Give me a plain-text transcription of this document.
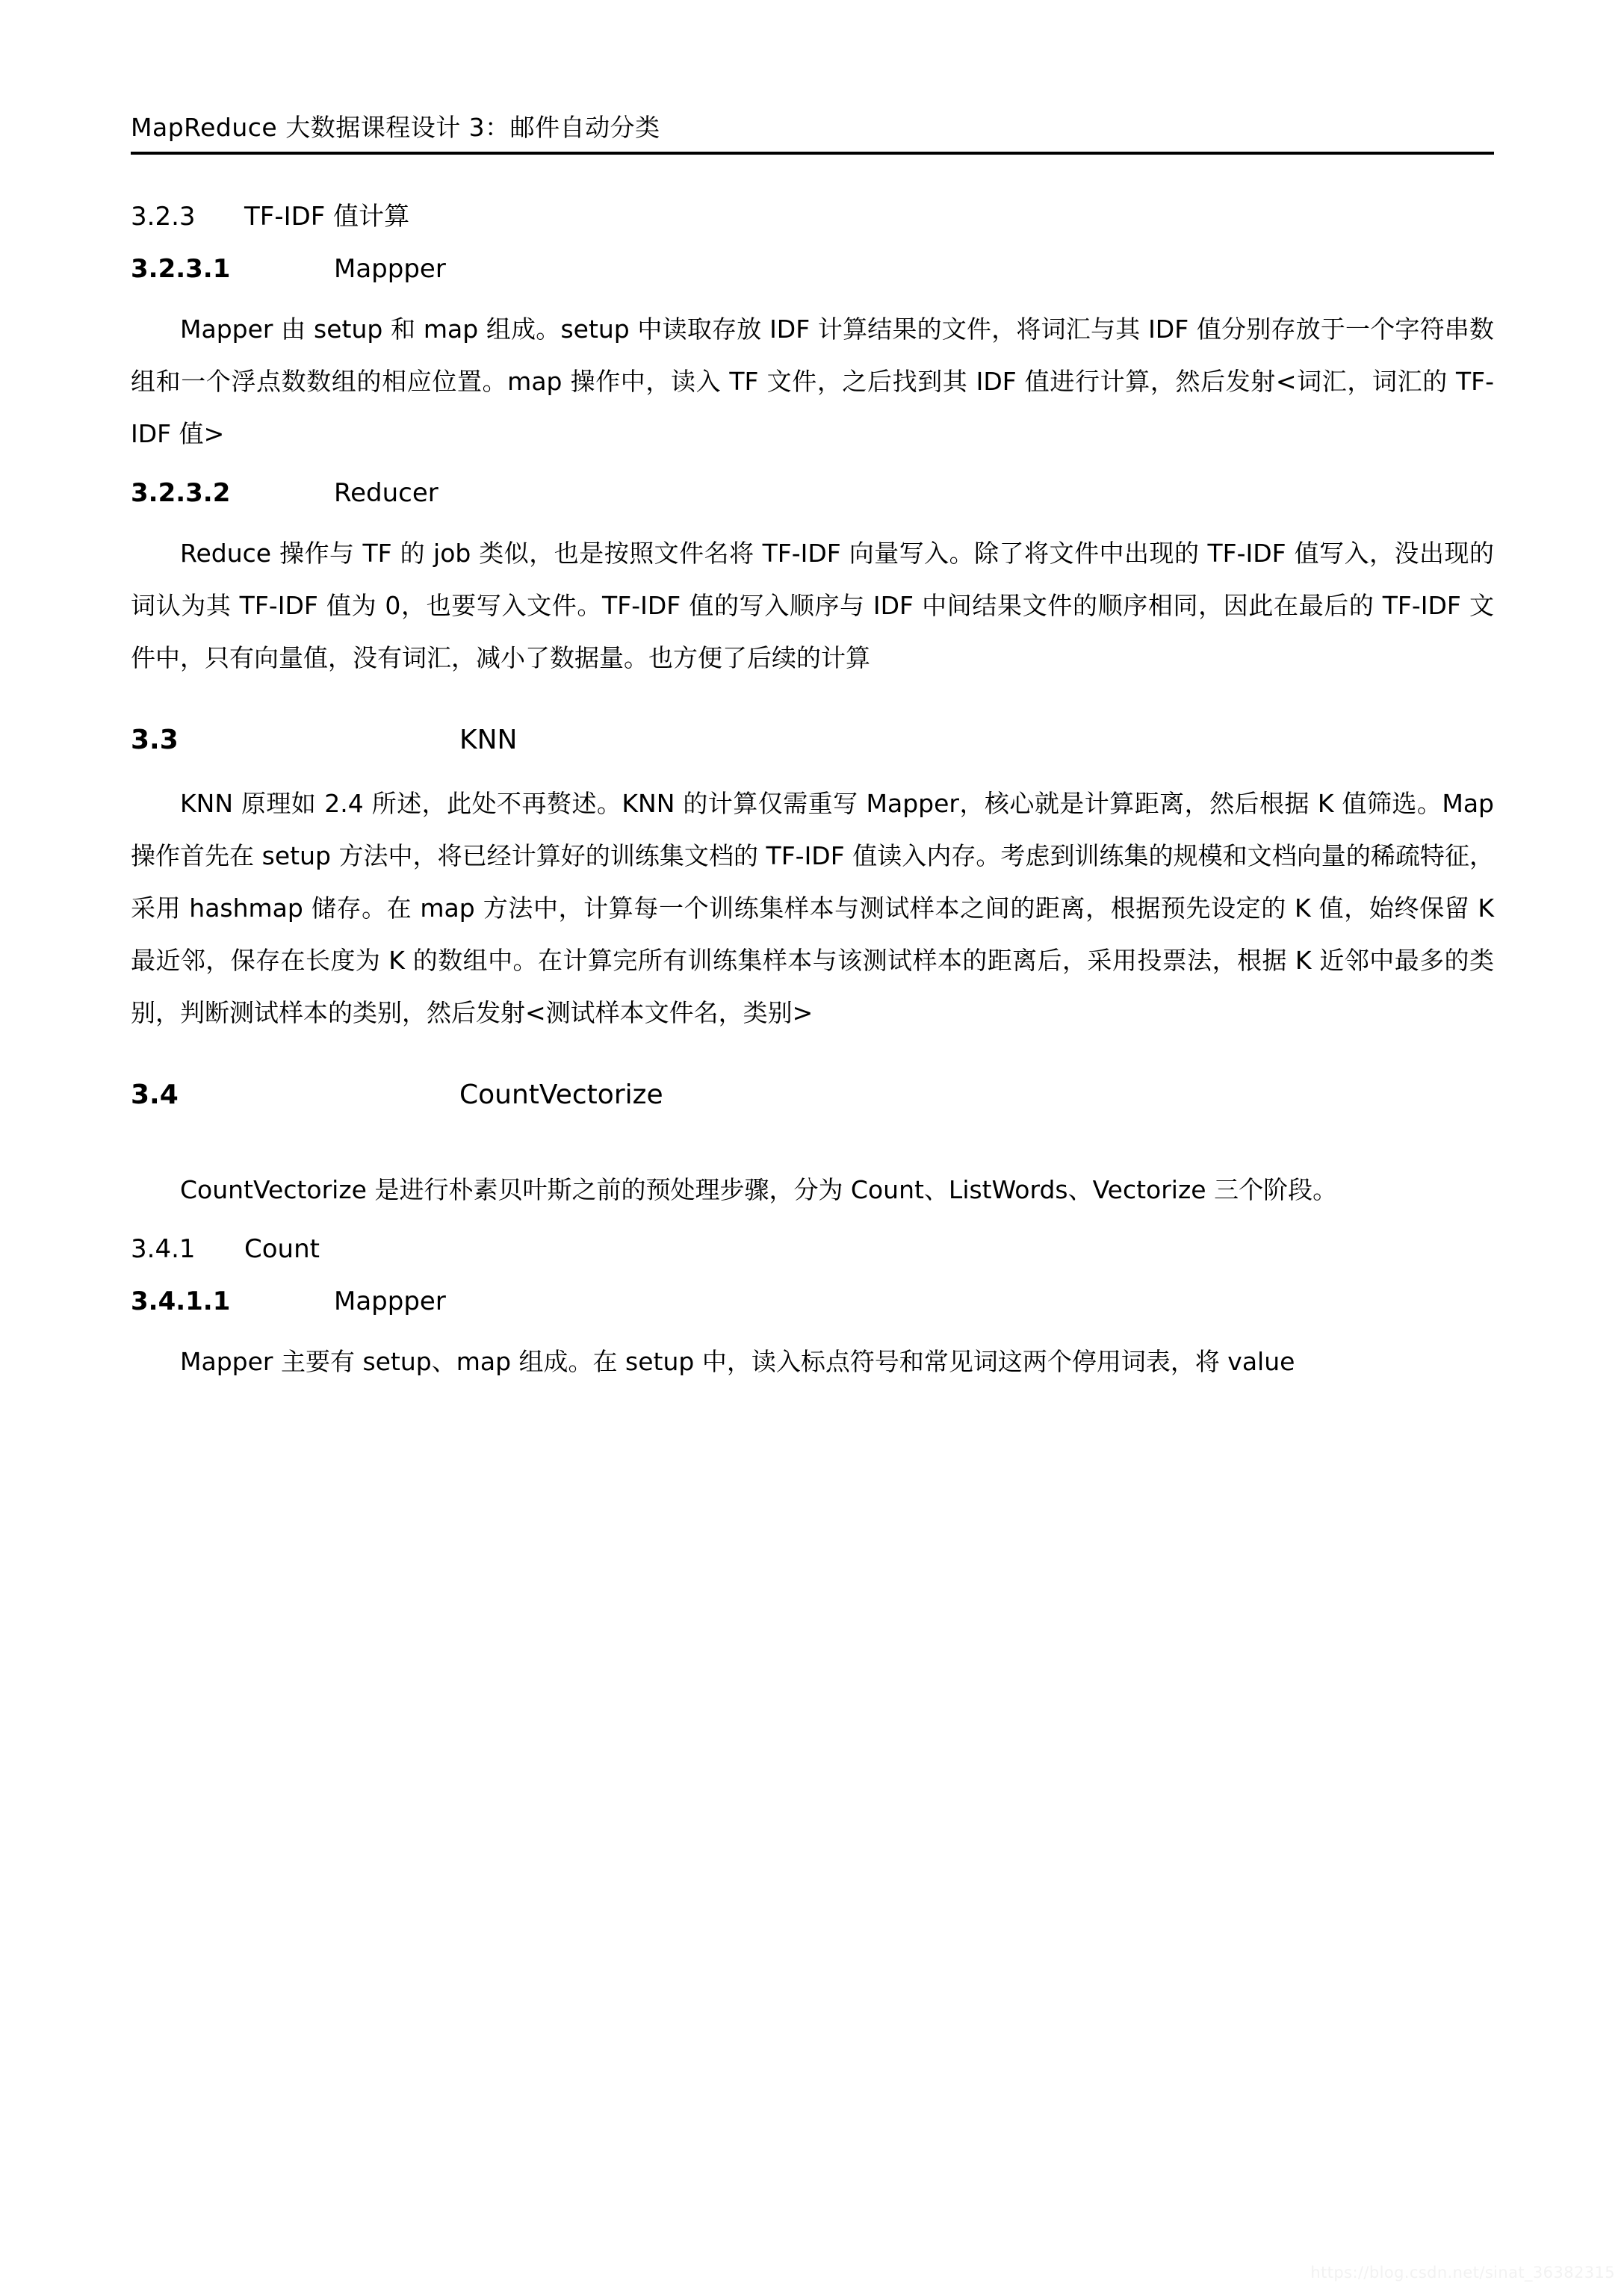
MapReduce 大数据课程设计 3：邮件自动分类
3.2.3	TF-IDF 值计算
3.2.3.1	Mappper

Mapper 由 setup 和 map 组成。setup 中读取存放 IDF 计算结果的文件，将词汇与其 IDF 值分别存放于一个字符串数组和一个浮点数数组的相应位置。map 操作中，读入 TF 文件，之后找到其 IDF 值进行计算，然后发射<词汇，词汇的 TF-IDF 值>

3.2.3.2	Reducer

Reduce 操作与 TF 的 job 类似，也是按照文件名将 TF-IDF 向量写入。除了将文件中出现的 TF-IDF 值写入，没出现的词认为其 TF-IDF 值为 0，也要写入文件。TF-IDF 值的写入顺序与 IDF 中间结果文件的顺序相同，因此在最后的 TF-IDF 文件中，只有向量值，没有词汇，减小了数据量。也方便了后续的计算

3.3	KNN

KNN 原理如 2.4 所述，此处不再赘述。KNN 的计算仅需重写 Mapper，核心就是计算距离，然后根据 K 值筛选。Map 操作首先在 setup 方法中，将已经计算好的训练集文档的 TF-IDF 值读入内存。考虑到训练集的规模和文档向量的稀疏特征，采用 hashmap 储存。在 map 方法中，计算每一个训练集样本与测试样本之间的距离，根据预先设定的 K 值，始终保留 K 最近邻，保存在长度为 K 的数组中。在计算完所有训练集样本与该测试样本的距离后，采用投票法，根据 K 近邻中最多的类别，判断测试样本的类别，然后发射<测试样本文件名，类别>

3.4	CountVectorize

CountVectorize 是进行朴素贝叶斯之前的预处理步骤，分为 Count、ListWords、Vectorize 三个阶段。

3.4.1	Count
3.4.1.1	Mappper

Mapper 主要有 setup、map 组成。在 setup 中，读入标点符号和常见词这两个停用词表，将 value

https://blog.csdn.net/sinat_36382315
